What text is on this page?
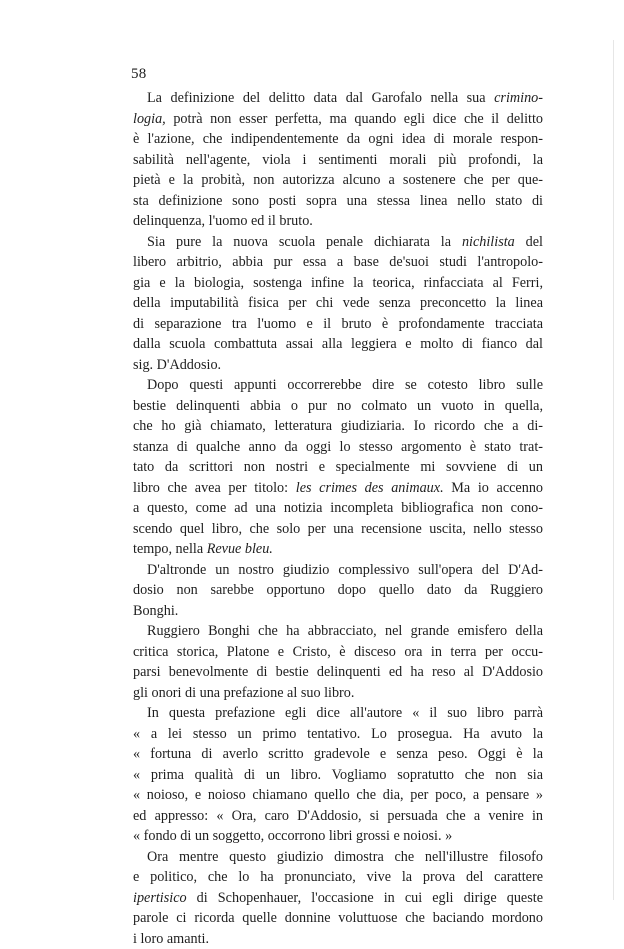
58
La definizione del delitto data dal Garofalo nella sua crimino-
logia, potrà non esser perfetta, ma quando egli dice che il delitto
è l'azione, che indipendentemente da ogni idea di morale respon-
sabilità nell'agente, viola i sentimenti morali più profondi, la
pietà e la probità, non autorizza alcuno a sostenere che per que-
sta definizione sono posti sopra una stessa linea nello stato di
delinquenza, l'uomo ed il bruto.
Sia pure la nuova scuola penale dichiarata la nichilista del
libero arbitrio, abbia pur essa a base de'suoi studi l'antropolo-
gia e la biologia, sostenga infine la teorica, rinfacciata al Ferri,
della imputabilità fisica per chi vede senza preconcetto la linea
di separazione tra l'uomo e il bruto è profondamente tracciata
dalla scuola combattuta assai alla leggiera e molto di fianco dal
sig. D'Addosio.
Dopo questi appunti occorrerebbe dire se cotesto libro sulle
bestie delinquenti abbia o pur no colmato un vuoto in quella,
che ho già chiamato, letteratura giudiziaria. Io ricordo che a di-
stanza di qualche anno da oggi lo stesso argomento è stato trat-
tato da scrittori non nostri e specialmente mi sovviene di un
libro che avea per titolo: les crimes des animaux. Ma io accenno
a questo, come ad una notizia incompleta bibliografica non cono-
scendo quel libro, che solo per una recensione uscita, nello stesso
tempo, nella Revue bleu.
D'altronde un nostro giudizio complessivo sull'opera del D'Ad-
dosio non sarebbe opportuno dopo quello dato da Ruggiero
Bonghi.
Ruggiero Bonghi che ha abbracciato, nel grande emisfero della
critica storica, Platone e Cristo, è disceso ora in terra per occu-
parsi benevolmente di bestie delinquenti ed ha reso al D'Addosio
gli onori di una prefazione al suo libro.
In questa prefazione egli dice all'autore « il suo libro parrà
« a lei stesso un primo tentativo. Lo prosegua. Ha avuto la
« fortuna di averlo scritto gradevole e senza peso. Oggi è la
« prima qualità di un libro. Vogliamo sopratutto che non sia
« noioso, e noioso chiamano quello che dia, per poco, a pensare »
ed appresso: « Ora, caro D'Addosio, si persuada che a venire in
« fondo di un soggetto, occorrono libri grossi e noiosi. »
Ora mentre questo giudizio dimostra che nell'illustre filosofo
e politico, che lo ha pronunciato, vive la prova del carattere
ipertisico di Schopenhauer, l'occasione in cui egli dirige queste
parole ci ricorda quelle donnine voluttuose che baciando mordono
i loro amanti.
